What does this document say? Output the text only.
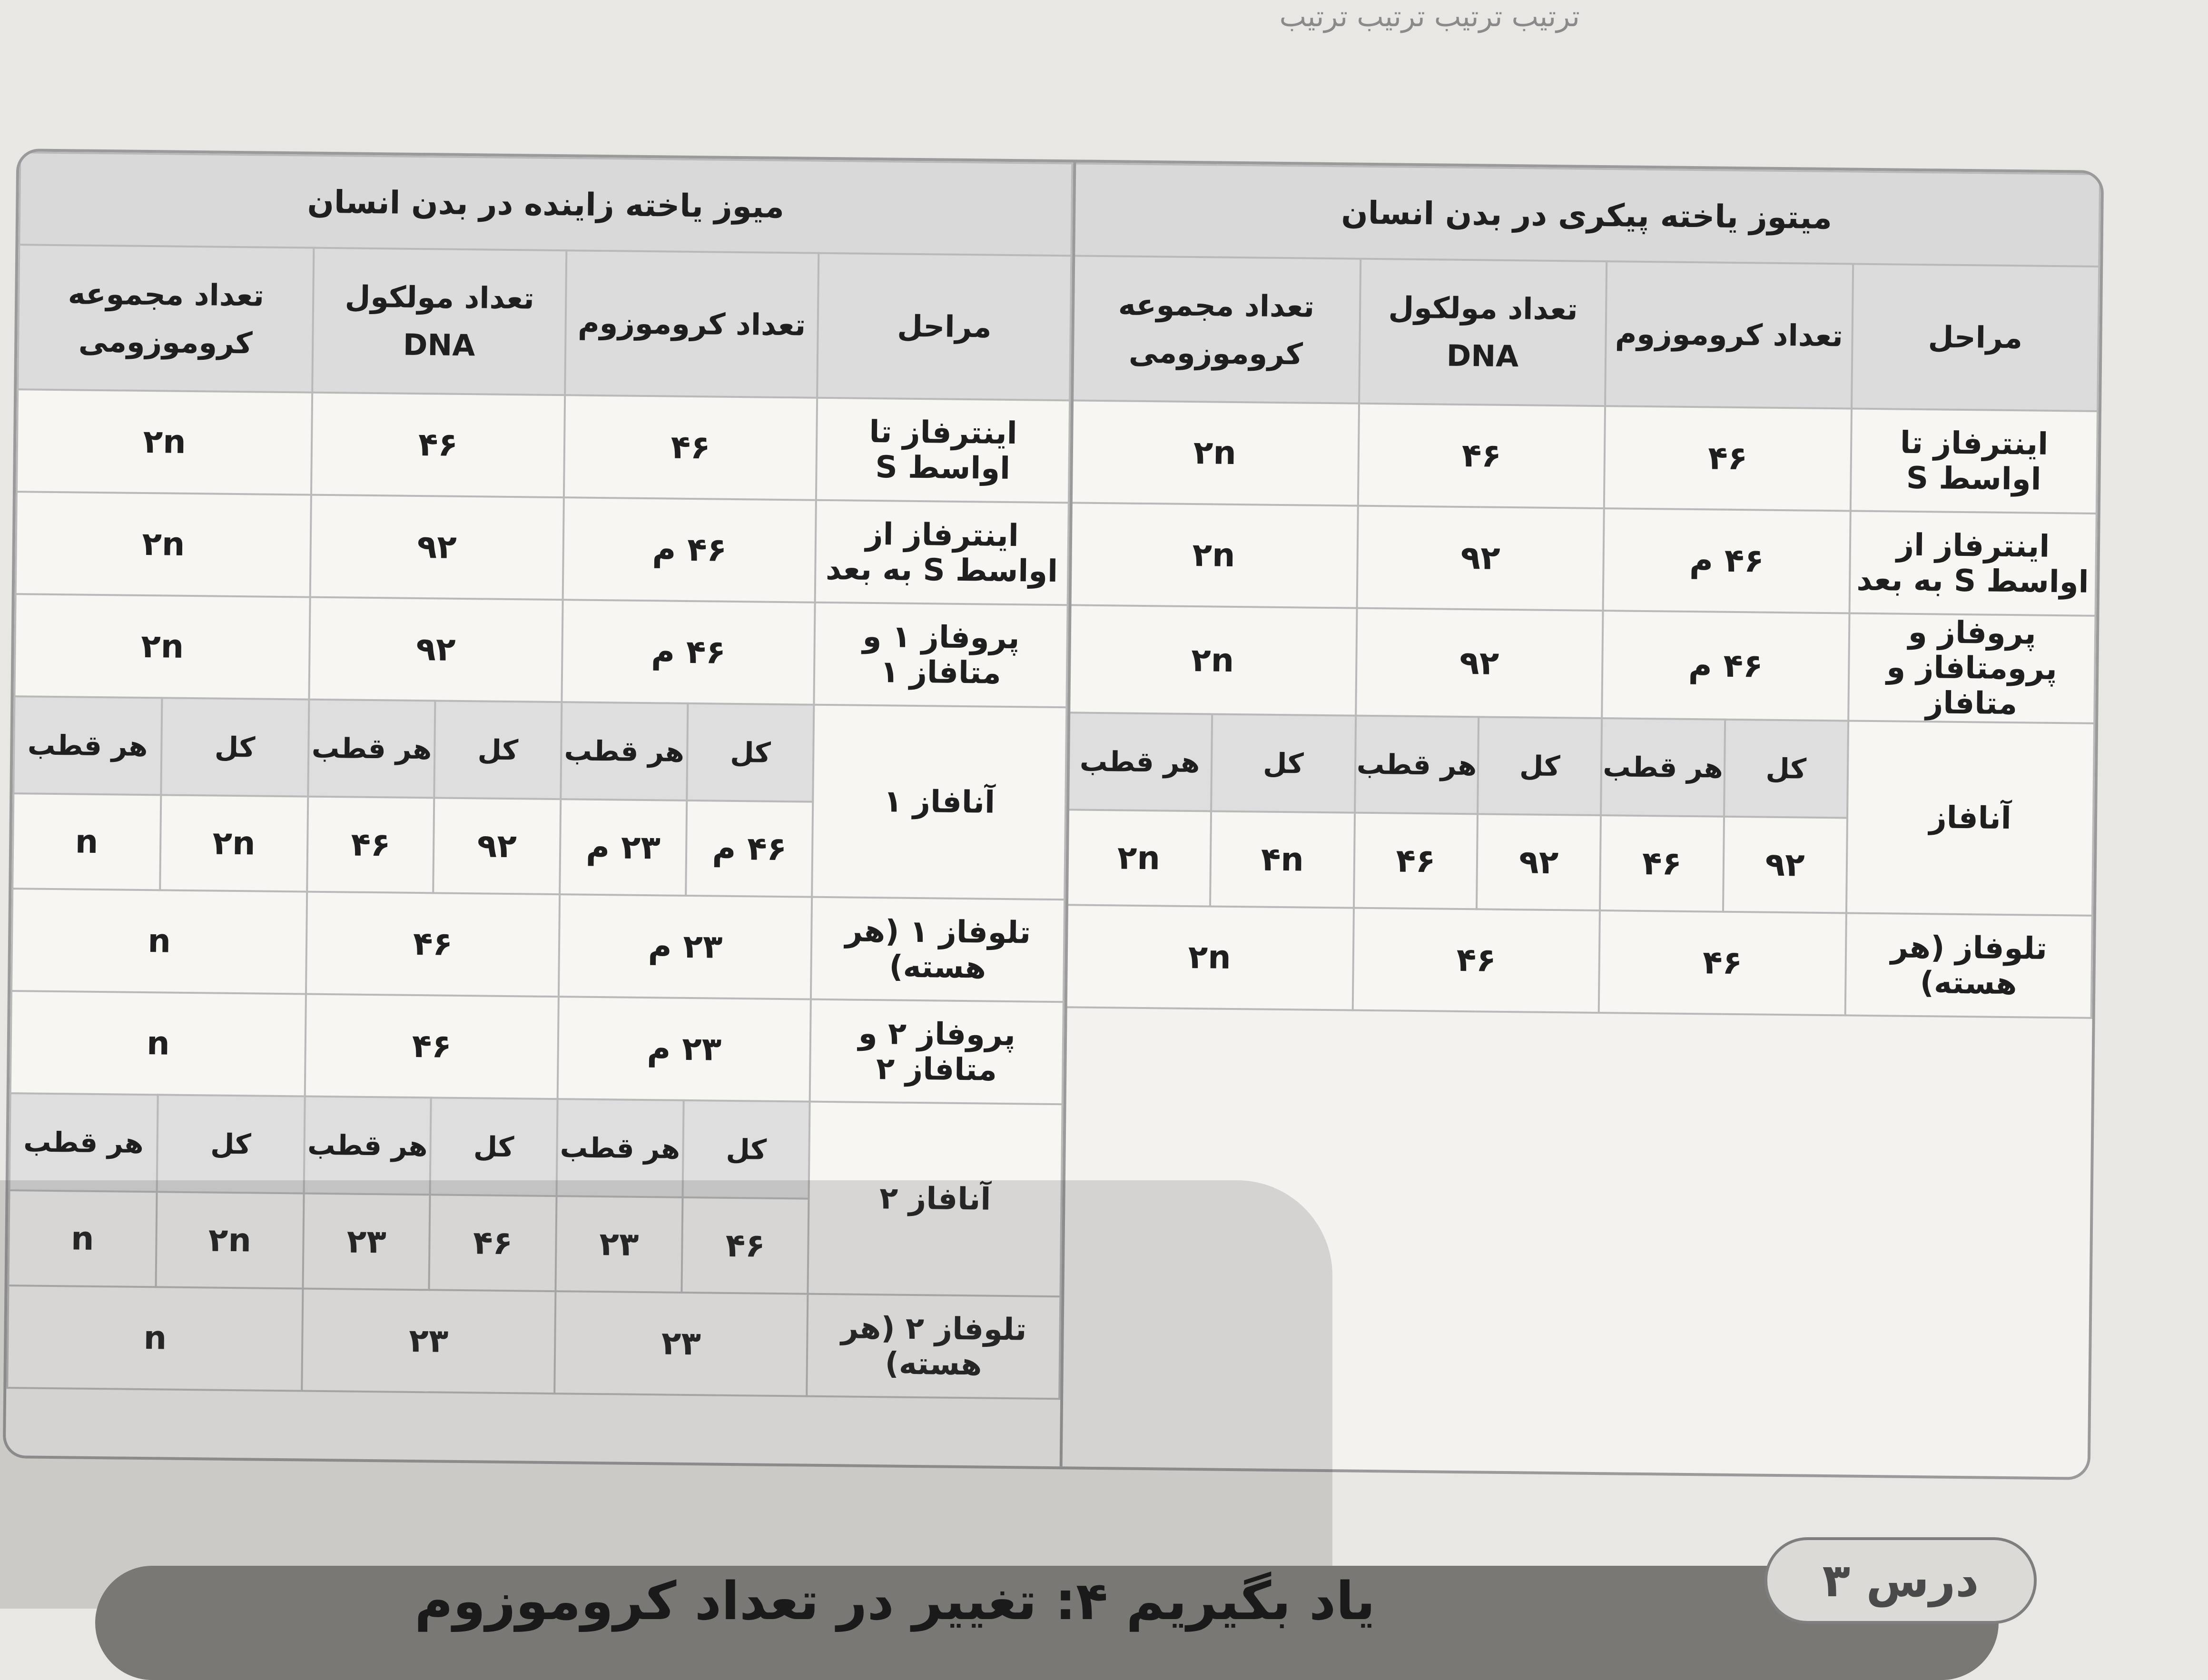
ترتیب ترتیب ترتیب ترتیب
میتوز یاخته پیکری در بدن انسان						
مراحل	تعداد کروموزوم		تعداد مولکول DNA		تعداد مجموعه کروموزومی	
اینترفاز تا اواسط S	۴۶		۴۶		۲n	
اینترفاز از اواسط S به بعد	۴۶ م		۹۲		۲n	
پروفاز و پرومتافاز و متافاز	۴۶ م		۹۲		۲n	
آنافاز	کل	هر قطب	کل	هر قطب	کل	هر قطب
	۹۲	۴۶	۹۲	۴۶	۴n	۲n
تلوفاز (هر هسته)	۴۶		۴۶		۲n	
میوز یاخته زاینده در بدن انسان						
مراحل	تعداد کروموزوم		تعداد مولکول DNA		تعداد مجموعه کروموزومی	
اینترفاز تا اواسط S	۴۶		۴۶		۲n	
اینترفاز از اواسط S به بعد	۴۶ م		۹۲		۲n	
پروفاز ۱ و متافاز ۱	۴۶ م		۹۲		۲n	
آنافاز ۱	کل	هر قطب	کل	هر قطب	کل	هر قطب
	۴۶ م	۲۳ م	۹۲	۴۶	۲n	n
تلوفاز ۱ (هر هسته)	۲۳ م		۴۶		n	
پروفاز ۲ و متافاز ۲	۲۳ م		۴۶		n	
آنافاز ۲	کل	هر قطب	کل	هر قطب	کل	هر قطب
	۴۶	۲۳	۴۶	۲۳	۲n	n
تلوفاز ۲ (هر هسته)	۲۳		۲۳		n	
یاد بگیریم ۴: تغییر در تعداد کروموزوم	درس ۳
